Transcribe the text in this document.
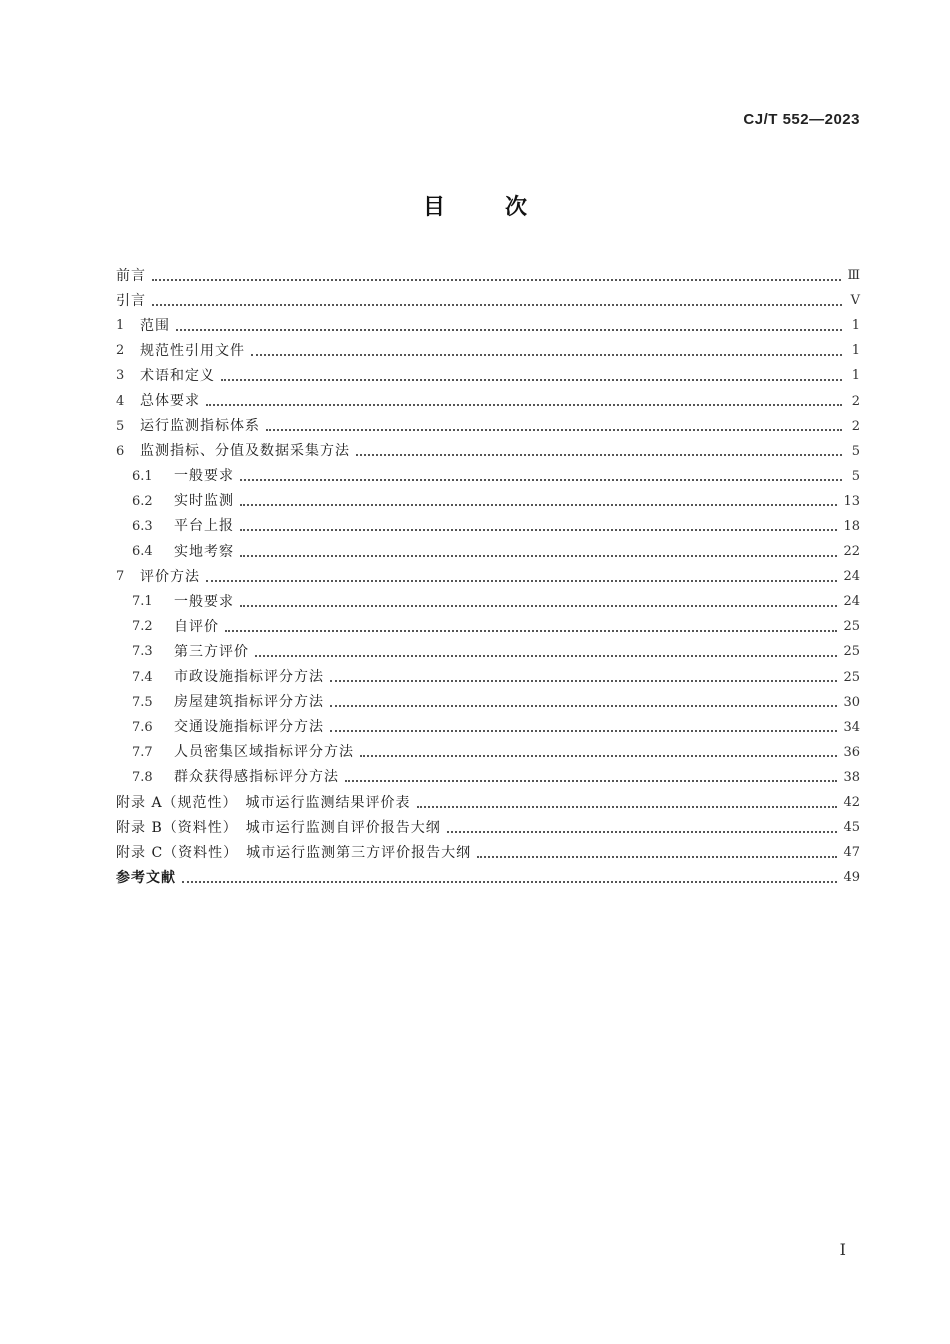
CJ/T 552—2023
目	次
前言	Ⅲ
引言	V
1	范围	1
2	规范性引用文件	1
3	术语和定义	1
4	总体要求	2
5	运行监测指标体系	2
6	监测指标、分值及数据采集方法	5
6.1	一般要求	5
6.2	实时监测	13
6.3	平台上报	18
6.4	实地考察	22
7	评价方法	24
7.1	一般要求	24
7.2	自评价	25
7.3	第三方评价	25
7.4	市政设施指标评分方法	25
7.5	房屋建筑指标评分方法	30
7.6	交通设施指标评分方法	34
7.7	人员密集区域指标评分方法	36
7.8	群众获得感指标评分方法	38
附录 A（规范性）　城市运行监测结果评价表	42
附录 B（资料性）　城市运行监测自评价报告大纲	45
附录 C（资料性）　城市运行监测第三方评价报告大纲	47
参考文献	49
I
